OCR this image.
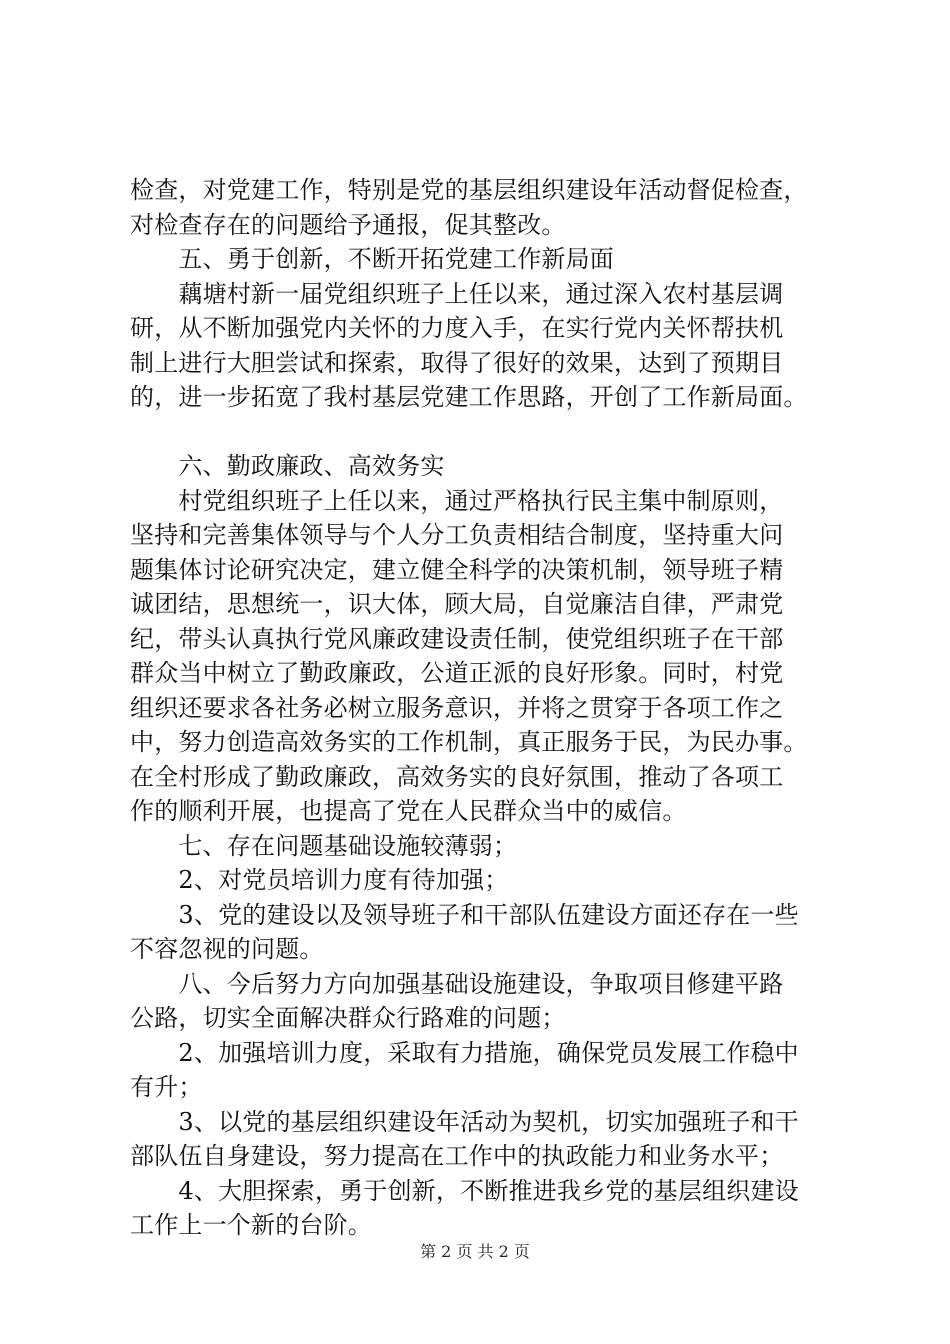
检查，对党建工作，特别是党的基层组织建设年活动督促检查，
对检查存在的问题给予通报，促其整改。
　　五、勇于创新，不断开拓党建工作新局面
　　藕塘村新一届党组织班子上任以来，通过深入农村基层调
研，从不断加强党内关怀的力度入手，在实行党内关怀帮扶机
制上进行大胆尝试和探索，取得了很好的效果，达到了预期目
的，进一步拓宽了我村基层党建工作思路，开创了工作新局面。
　　六、勤政廉政、高效务实
　　村党组织班子上任以来，通过严格执行民主集中制原则，
坚持和完善集体领导与个人分工负责相结合制度，坚持重大问
题集体讨论研究决定，建立健全科学的决策机制，领导班子精
诚团结，思想统一，识大体，顾大局，自觉廉洁自律，严肃党
纪，带头认真执行党风廉政建设责任制，使党组织班子在干部
群众当中树立了勤政廉政，公道正派的良好形象。同时，村党
组织还要求各社务必树立服务意识，并将之贯穿于各项工作之
中，努力创造高效务实的工作机制，真正服务于民，为民办事。
在全村形成了勤政廉政，高效务实的良好氛围，推动了各项工
作的顺利开展，也提高了党在人民群众当中的威信。
　　七、存在问题基础设施较薄弱；
　　2、对党员培训力度有待加强；
　　3、党的建设以及领导班子和干部队伍建设方面还存在一些
不容忽视的问题。
　　八、今后努力方向加强基础设施建设，争取项目修建平路
公路，切实全面解决群众行路难的问题；
　　2、加强培训力度，采取有力措施，确保党员发展工作稳中
有升；
　　3、以党的基层组织建设年活动为契机，切实加强班子和干
部队伍自身建设，努力提高在工作中的执政能力和业务水平；
　　4、大胆探索，勇于创新，不断推进我乡党的基层组织建设
工作上一个新的台阶。
第 2 页 共 2 页
